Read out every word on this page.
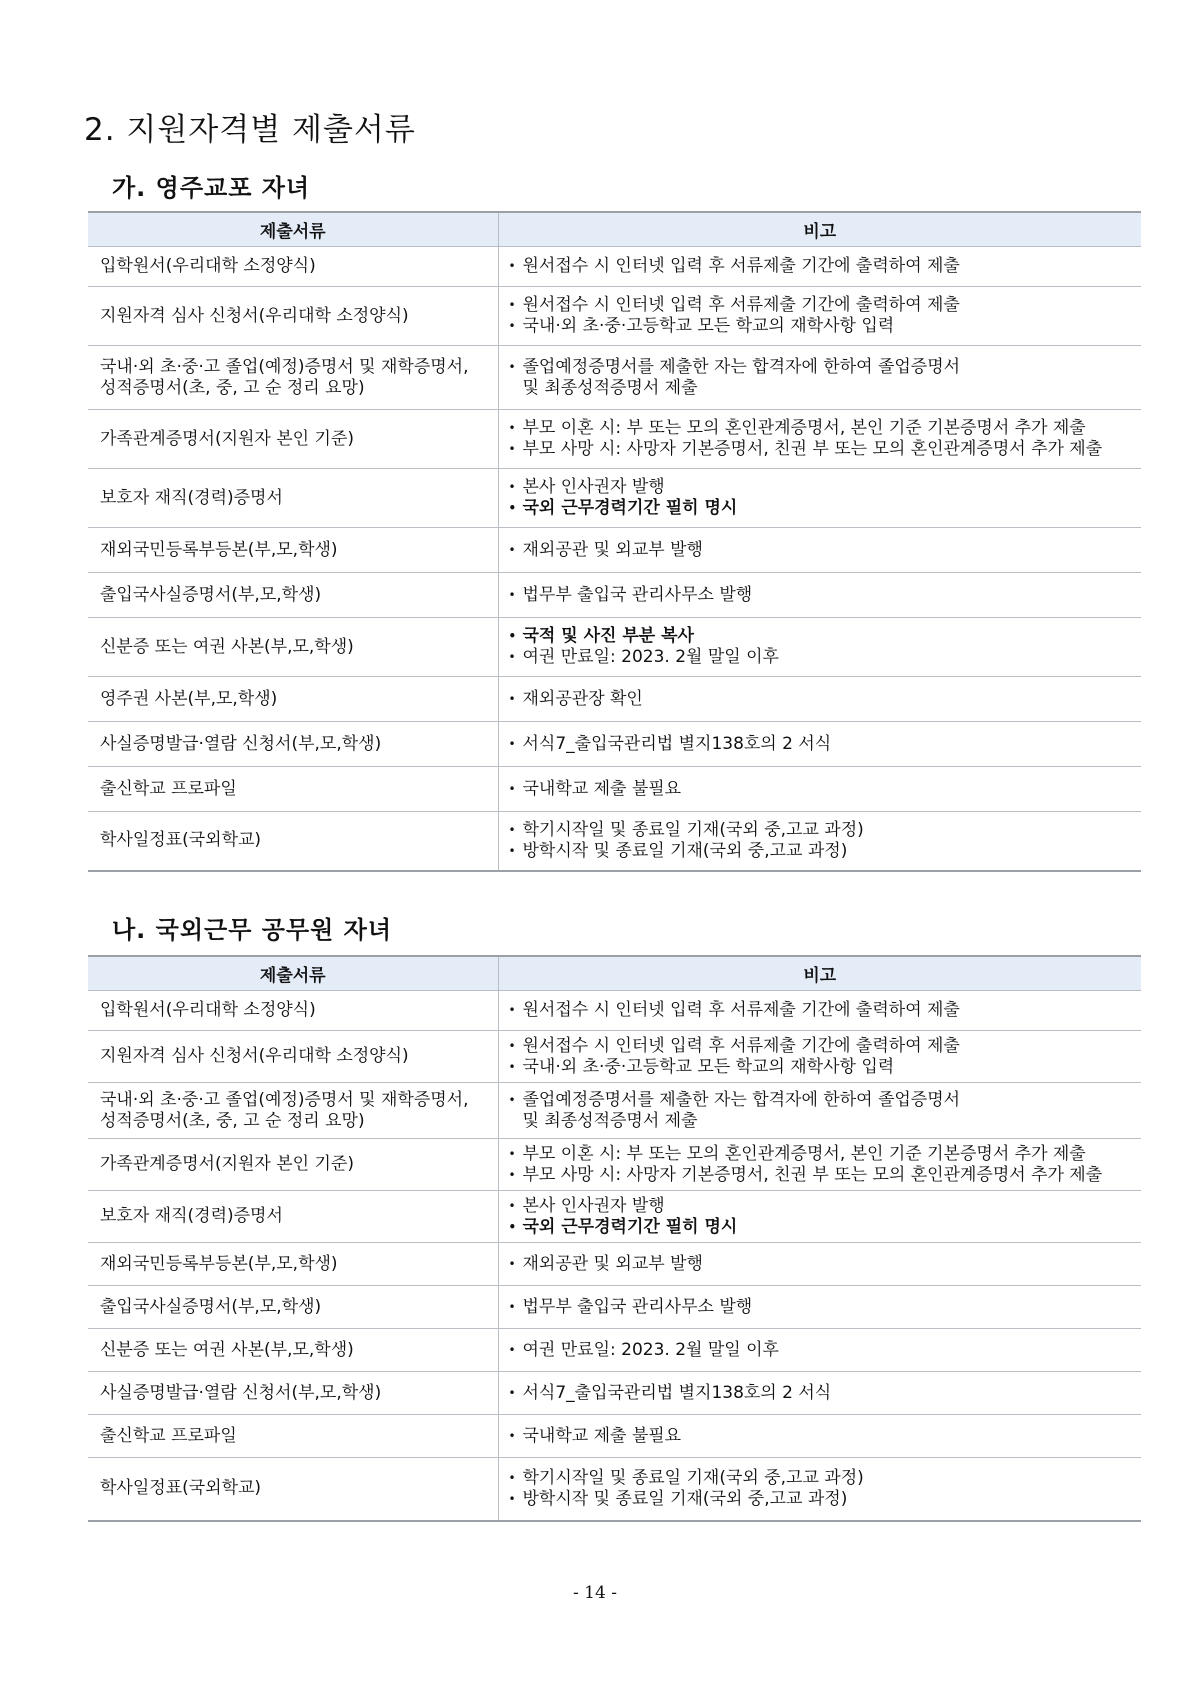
2. 지원자격별 제출서류
가. 영주교포 자녀
제출서류	비고
입학원서(우리대학 소정양식)	• 원서접수 시 인터넷 입력 후 서류제출 기간에 출력하여 제출

지원자격 심사 신청서(우리대학 소정양식)	• 원서접수 시 인터넷 입력 후 서류제출 기간에 출력하여 제출
• 국내·외 초·중·고등학교 모든 학교의 재학사항 입력

국내·외 초·중·고 졸업(예정)증명서 및 재학증명서,
성적증명서(초, 중, 고 순 정리 요망)	• 졸업예정증명서를 제출한 자는 합격자에 한하여 졸업증명서
및 최종성적증명서 제출

가족관계증명서(지원자 본인 기준)	• 부모 이혼 시: 부 또는 모의 혼인관계증명서, 본인 기준 기본증명서 추가 제출
• 부모 사망 시: 사망자 기본증명서, 친권 부 또는 모의 혼인관계증명서 추가 제출

보호자 재직(경력)증명서	• 본사 인사권자 발행
• 국외 근무경력기간 필히 명시

재외국민등록부등본(부,모,학생)	• 재외공관 및 외교부 발행

출입국사실증명서(부,모,학생)	• 법무부 출입국 관리사무소 발행

신분증 또는 여권 사본(부,모,학생)	• 국적 및 사진 부분 복사
• 여권 만료일: 2023. 2월 말일 이후

영주권 사본(부,모,학생)	• 재외공관장 확인

사실증명발급·열람 신청서(부,모,학생)	• 서식7_출입국관리법 별지138호의 2 서식

출신학교 프로파일	• 국내학교 제출 불필요

학사일정표(국외학교)	• 학기시작일 및 종료일 기재(국외 중,고교 과정)
• 방학시작 및 종료일 기재(국외 중,고교 과정)
나. 국외근무 공무원 자녀
제출서류	비고
입학원서(우리대학 소정양식)	• 원서접수 시 인터넷 입력 후 서류제출 기간에 출력하여 제출

지원자격 심사 신청서(우리대학 소정양식)	• 원서접수 시 인터넷 입력 후 서류제출 기간에 출력하여 제출
• 국내·외 초·중·고등학교 모든 학교의 재학사항 입력

국내·외 초·중·고 졸업(예정)증명서 및 재학증명서,
성적증명서(초, 중, 고 순 정리 요망)	• 졸업예정증명서를 제출한 자는 합격자에 한하여 졸업증명서
및 최종성적증명서 제출

가족관계증명서(지원자 본인 기준)	• 부모 이혼 시: 부 또는 모의 혼인관계증명서, 본인 기준 기본증명서 추가 제출
• 부모 사망 시: 사망자 기본증명서, 친권 부 또는 모의 혼인관계증명서 추가 제출

보호자 재직(경력)증명서	• 본사 인사권자 발행
• 국외 근무경력기간 필히 명시

재외국민등록부등본(부,모,학생)	• 재외공관 및 외교부 발행

출입국사실증명서(부,모,학생)	• 법무부 출입국 관리사무소 발행

신분증 또는 여권 사본(부,모,학생)	• 여권 만료일: 2023. 2월 말일 이후

사실증명발급·열람 신청서(부,모,학생)	• 서식7_출입국관리법 별지138호의 2 서식

출신학교 프로파일	• 국내학교 제출 불필요

학사일정표(국외학교)	• 학기시작일 및 종료일 기재(국외 중,고교 과정)
• 방학시작 및 종료일 기재(국외 중,고교 과정)
- 14 -
